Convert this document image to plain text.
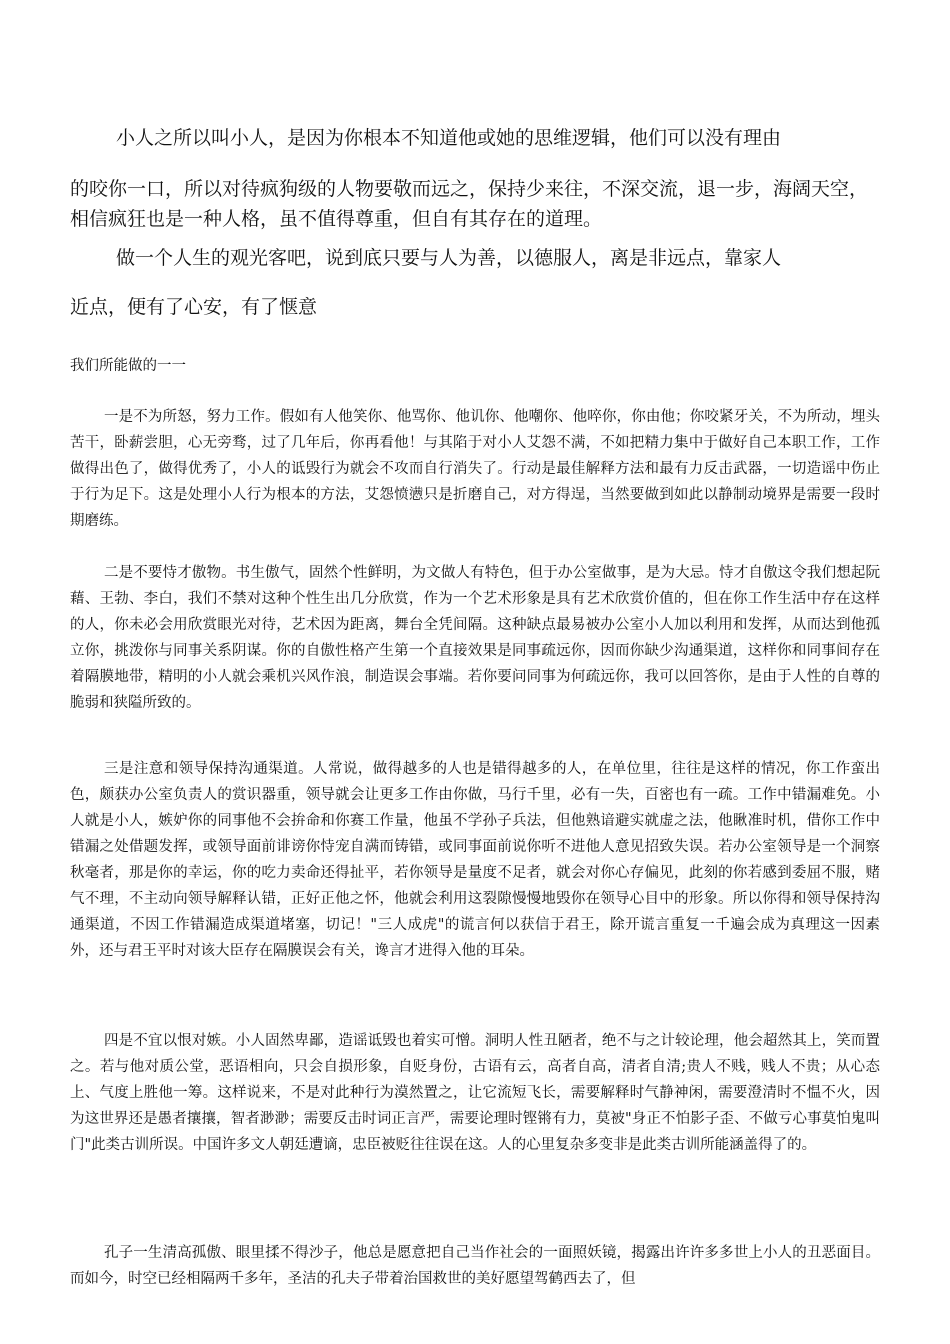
小人之所以叫小人，是因为你根本不知道他或她的思维逻辑，他们可以没有理由

的咬你一口，所以对待疯狗级的人物要敬而远之，保持少来往，不深交流，退一步，海阔天空，相信疯狂也是一种人格，虽不值得尊重，但自有其存在的道理。

做一个人生的观光客吧，说到底只要与人为善，以德服人，离是非远点，靠家人

近点，便有了心安，有了惬意

我们所能做的一一

一是不为所怒，努力工作。假如有人他笑你、他骂你、他讥你、他嘲你、他啐你，你由他；你咬紧牙关，不为所动，埋头苦干，卧薪尝胆，心无旁骛，过了几年后，你再看他！与其陷于对小人艾怨不满，不如把精力集中于做好自己本职工作，工作做得出色了，做得优秀了，小人的诋毁行为就会不攻而自行消失了。行动是最佳解释方法和最有力反击武器，一切造谣中伤止于行为足下。这是处理小人行为根本的方法，艾怨愤懑只是折磨自己，对方得逞，当然要做到如此以静制动境界是需要一段时期磨练。

二是不要恃才傲物。书生傲气，固然个性鲜明，为文做人有特色，但于办公室做事，是为大忌。恃才自傲这令我们想起阮藉、王勃、李白，我们不禁对这种个性生出几分欣赏，作为一个艺术形象是具有艺术欣赏价值的，但在你工作生活中存在这样的人，你未必会用欣赏眼光对待，艺术因为距离，舞台全凭间隔。这种缺点最易被办公室小人加以利用和发挥，从而达到他孤立你，挑泼你与同事关系阴谋。你的自傲性格产生第一个直接效果是同事疏远你，因而你缺少沟通渠道，这样你和同事间存在着隔膜地带，精明的小人就会乘机兴风作浪，制造误会事端。若你要问同事为何疏远你，我可以回答你，是由于人性的自尊的脆弱和狭隘所致的。

三是注意和领导保持沟通渠道。人常说，做得越多的人也是错得越多的人，在单位里，往往是这样的情况，你工作蛮出色，颇获办公室负责人的赏识器重，领导就会让更多工作由你做，马行千里，必有一失，百密也有一疏。工作中错漏难免。小人就是小人，嫉妒你的同事他不会拚命和你赛工作量，他虽不学孙子兵法，但他熟谙避实就虚之法，他瞅准时机，借你工作中错漏之处借题发挥，或领导面前诽谤你恃宠自满而铸错，或同事面前说你听不进他人意见招致失误。若办公室领导是一个洞察秋毫者，那是你的幸运，你的吃力卖命还得扯平，若你领导是量度不足者，就会对你心存偏见，此刻的你若感到委屈不服，赌气不理，不主动向领导解释认错，正好正他之怀，他就会利用这裂隙慢慢地毁你在领导心目中的形象。所以你得和领导保持沟通渠道，不因工作错漏造成渠道堵塞，切记！"三人成虎"的谎言何以获信于君王，除开谎言重复一千遍会成为真理这一因素外，还与君王平时对该大臣存在隔膜误会有关，谗言才进得入他的耳朵。

四是不宜以恨对嫉。小人固然卑鄙，造谣诋毁也着实可憎。洞明人性丑陋者，绝不与之计较论理，他会超然其上，笑而置之。若与他对质公堂，恶语相向，只会自损形象，自贬身份，古语有云，高者自高，清者自清;贵人不贱，贱人不贵；从心态上、气度上胜他一筹。这样说来，不是对此种行为漠然置之，让它流短飞长，需要解释时气静神闲，需要澄清时不愠不火，因为这世界还是愚者攘攘，智者渺渺；需要反击时词正言严，需要论理时铿锵有力，莫被"身正不怕影子歪、不做亏心事莫怕鬼叫门"此类古训所误。中国许多文人朝廷遭谪，忠臣被贬往往误在这。人的心里复杂多变非是此类古训所能涵盖得了的。

孔子一生清高孤傲、眼里揉不得沙子，他总是愿意把自己当作社会的一面照妖镜，揭露出许许多多世上小人的丑恶面目。而如今，时空已经相隔两千多年，圣洁的孔夫子带着治国救世的美好愿望驾鹤西去了，但
